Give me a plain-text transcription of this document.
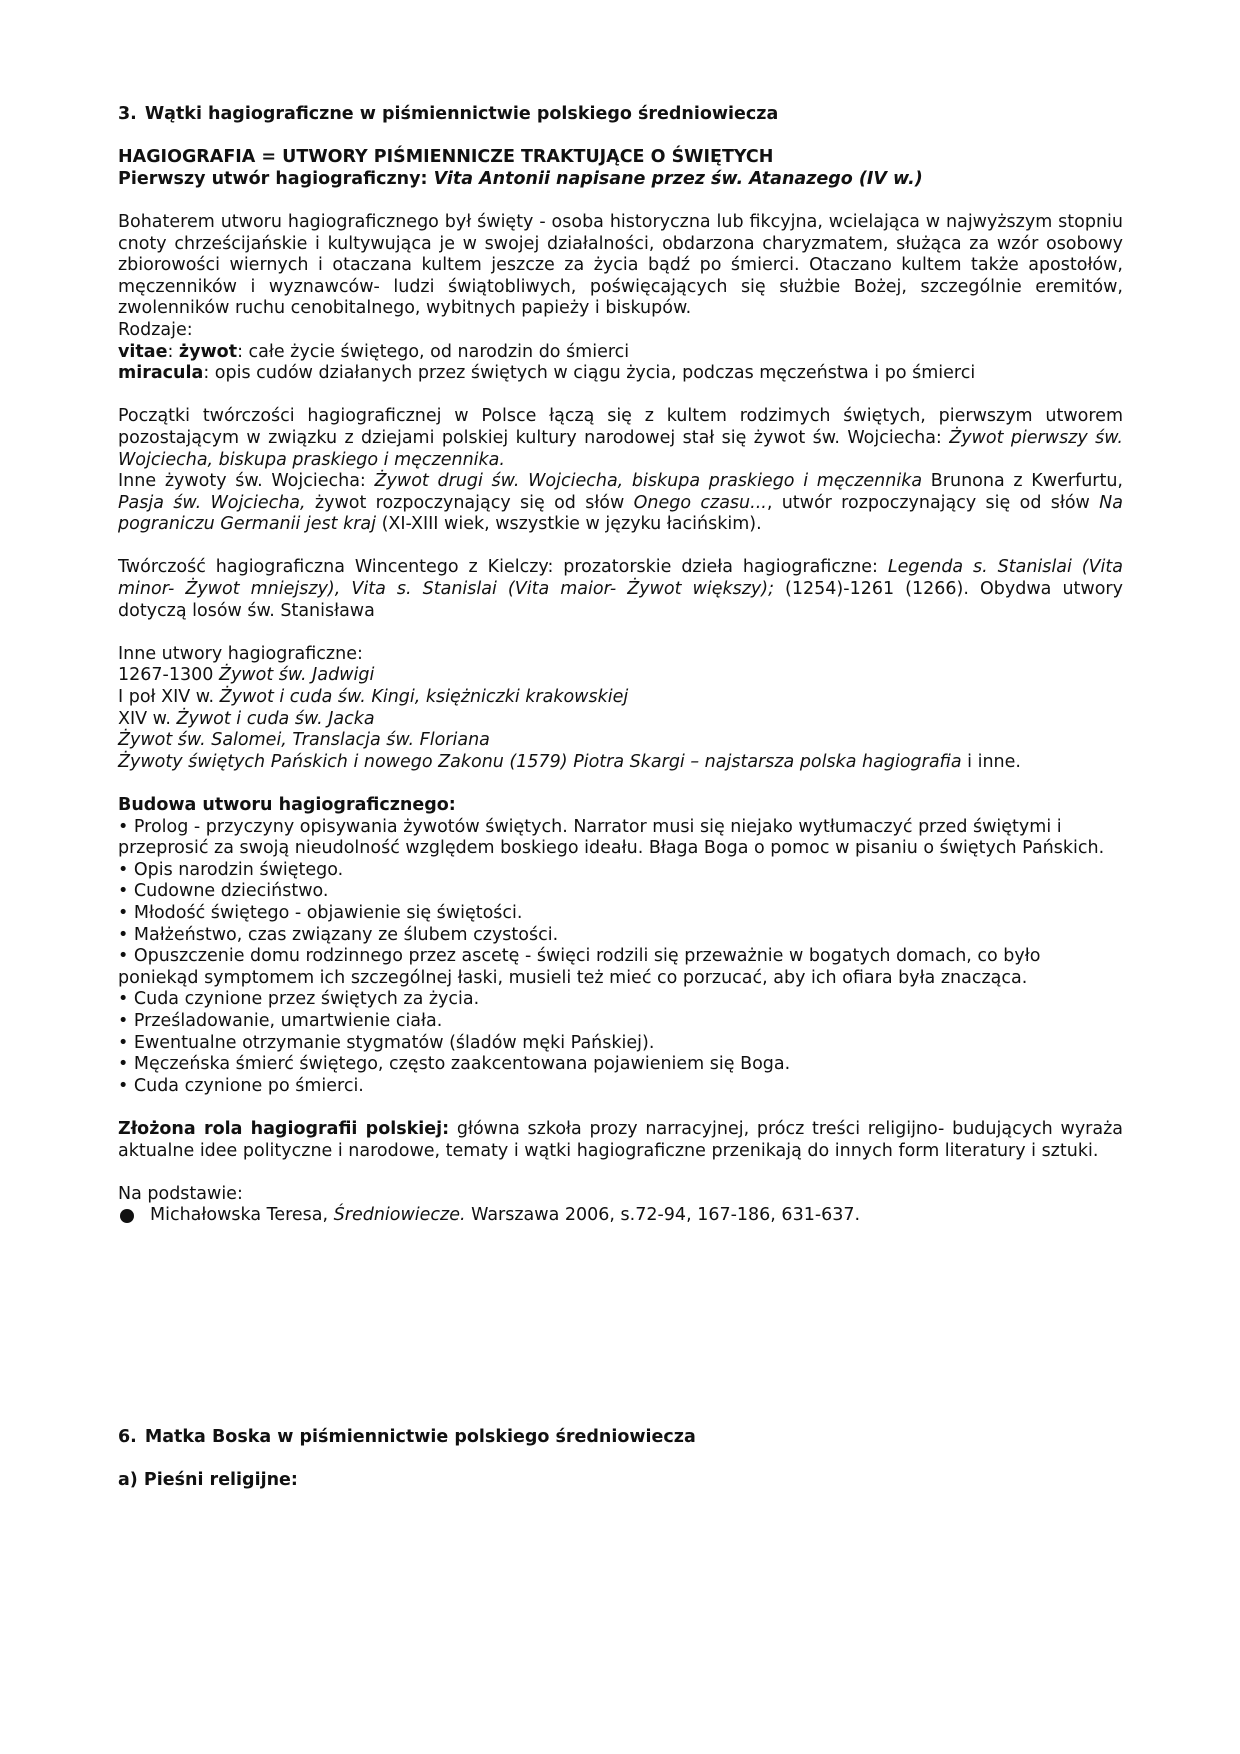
3. Wątki hagiograficzne w piśmiennictwie polskiego średniowiecza

HAGIOGRAFIA = UTWORY PIŚMIENNICZE TRAKTUJĄCE O ŚWIĘTYCH

Pierwszy utwór hagiograficzny: Vita Antonii napisane przez św. Atanazego (IV w.)

Bohaterem utworu hagiograficznego był święty - osoba historyczna lub fikcyjna, wcielająca w najwyższym stopniu cnoty chrześcijańskie i kultywująca je w swojej działalności, obdarzona charyzmatem, służąca za wzór osobowy zbiorowości wiernych i otaczana kultem jeszcze za życia bądź po śmierci. Otaczano kultem także apostołów, męczenników i wyznawców- ludzi świątobliwych, poświęcających się służbie Bożej, szczególnie eremitów, zwolenników ruchu cenobitalnego, wybitnych papieży i biskupów.

Rodzaje:

vitae: żywot: całe życie świętego, od narodzin do śmierci

miracula: opis cudów działanych przez świętych w ciągu życia, podczas męczeństwa i po śmierci

Początki twórczości hagiograficznej w Polsce łączą się z kultem rodzimych świętych, pierwszym utworem pozostającym w związku z dziejami polskiej kultury narodowej stał się żywot św. Wojciecha: Żywot pierwszy św. Wojciecha, biskupa praskiego i męczennika.

Inne żywoty św. Wojciecha: Żywot drugi św. Wojciecha, biskupa praskiego i męczennika Brunona z Kwerfurtu, Pasja św. Wojciecha, żywot rozpoczynający się od słów Onego czasu..., utwór rozpoczynający się od słów Na pograniczu Germanii jest kraj (XI-XIII wiek, wszystkie w języku łacińskim).

Twórczość hagiograficzna Wincentego z Kielczy: prozatorskie dzieła hagiograficzne: Legenda s. Stanislai (Vita minor- Żywot mniejszy), Vita s. Stanislai (Vita maior- Żywot większy); (1254)-1261 (1266). Obydwa utwory dotyczą losów św. Stanisława

Inne utwory hagiograficzne:

1267-1300 Żywot św. Jadwigi

I poł XIV w. Żywot i cuda św. Kingi, księżniczki krakowskiej

XIV w. Żywot i cuda św. Jacka

Żywot św. Salomei, Translacja św. Floriana

Żywoty świętych Pańskich i nowego Zakonu (1579) Piotra Skargi – najstarsza polska hagiografia i inne.

Budowa utworu hagiograficznego:

• Prolog - przyczyny opisywania żywotów świętych. Narrator musi się niejako wytłumaczyć przed świętymi i przeprosić za swoją nieudolność względem boskiego ideału. Błaga Boga o pomoc w pisaniu o świętych Pańskich.

• Opis narodzin świętego.

• Cudowne dzieciństwo.

• Młodość świętego - objawienie się świętości.

• Małżeństwo, czas związany ze ślubem czystości.

• Opuszczenie domu rodzinnego przez ascetę - święci rodzili się przeważnie w bogatych domach, co było poniekąd symptomem ich szczególnej łaski, musieli też mieć co porzucać, aby ich ofiara była znacząca.

• Cuda czynione przez świętych za życia.

• Prześladowanie, umartwienie ciała.

• Ewentualne otrzymanie stygmatów (śladów męki Pańskiej).

• Męczeńska śmierć świętego, często zaakcentowana pojawieniem się Boga.

• Cuda czynione po śmierci.

Złożona rola hagiografii polskiej: główna szkoła prozy narracyjnej, prócz treści religijno- budujących wyraża aktualne idee polityczne i narodowe, tematy i wątki hagiograficzne przenikają do innych form literatury i sztuki.

Na podstawie:

Michałowska Teresa, Średniowiecze. Warszawa 2006, s.72-94, 167-186, 631-637.

6. Matka Boska w piśmiennictwie polskiego średniowiecza

a) Pieśni religijne:
